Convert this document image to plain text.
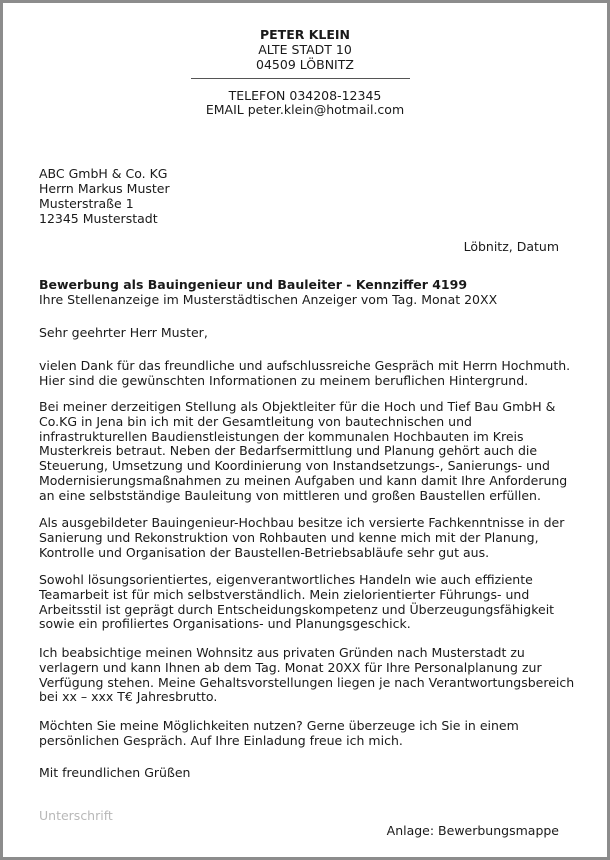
PETER KLEIN
ALTE STADT 10
04509 LÖBNITZ
TELEFON 034208-12345
EMAIL peter.klein@hotmail.com
ABC GmbH & Co. KG
Herrn Markus Muster
Musterstraße 1
12345 Musterstadt
Löbnitz, Datum
Bewerbung als Bauingenieur und Bauleiter - Kennziffer 4199
Ihre Stellenanzeige im Musterstädtischen Anzeiger vom Tag. Monat 20XX
Sehr geehrter Herr Muster,
vielen Dank für das freundliche und aufschlussreiche Gespräch mit Herrn Hochmuth.
Hier sind die gewünschten Informationen zu meinem beruflichen Hintergrund.
Bei meiner derzeitigen Stellung als Objektleiter für die Hoch und Tief Bau GmbH &
Co.KG in Jena bin ich mit der Gesamtleitung von bautechnischen und
infrastrukturellen Baudienstleistungen der kommunalen Hochbauten im Kreis
Musterkreis betraut. Neben der Bedarfsermittlung und Planung gehört auch die
Steuerung, Umsetzung und Koordinierung von Instandsetzungs-, Sanierungs- und
Modernisierungsmaßnahmen zu meinen Aufgaben und kann damit Ihre Anforderung
an eine selbstständige Bauleitung von mittleren und großen Baustellen erfüllen.
Als ausgebildeter Bauingenieur-Hochbau besitze ich versierte Fachkenntnisse in der
Sanierung und Rekonstruktion von Rohbauten und kenne mich mit der Planung,
Kontrolle und Organisation der Baustellen-Betriebsabläufe sehr gut aus.
Sowohl lösungsorientiertes, eigenverantwortliches Handeln wie auch effiziente
Teamarbeit ist für mich selbstverständlich. Mein zielorientierter Führungs- und
Arbeitsstil ist geprägt durch Entscheidungskompetenz und Überzeugungsfähigkeit
sowie ein profiliertes Organisations- und Planungsgeschick.
Ich beabsichtige meinen Wohnsitz aus privaten Gründen nach Musterstadt zu
verlagern und kann Ihnen ab dem Tag. Monat 20XX für Ihre Personalplanung zur
Verfügung stehen. Meine Gehaltsvorstellungen liegen je nach Verantwortungsbereich
bei xx – xxx T€ Jahresbrutto.
Möchten Sie meine Möglichkeiten nutzen? Gerne überzeuge ich Sie in einem
persönlichen Gespräch. Auf Ihre Einladung freue ich mich.
Mit freundlichen Grüßen
Unterschrift
Anlage: Bewerbungsmappe
